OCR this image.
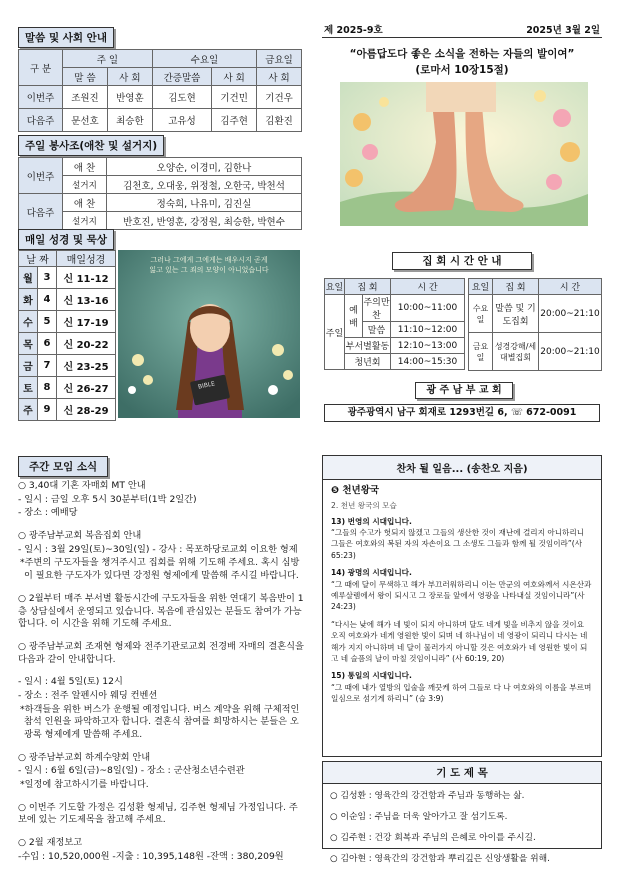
말씀 및 사회 안내
구 분	주 일		수요일		금요일
	말 씀	사 회	간증말씀	사 회	사 회
이번주	조원진	반영훈	김도현	기건민	기건우
다음주	문선호	최승한	고유성	김주현	김환진
주일 봉사조(애찬 및 설거지)
이번주	애 찬	오양순, 이경미, 김한나
	설거지	김천호, 오대웅, 위정철, 오한국, 박천석
다음주	애 찬	정숙희, 나유미, 김진실
	설거지	반호진, 반영훈, 강정원, 최승한, 박현수
매일 성경 및 묵상
날 짜		매일성경
월	3	신 11-12
화	4	신 13-16
수	5	신 17-19
목	6	신 20-22
금	7	신 23-25
토	8	신 26-27
주	9	신 28-29
그러나 그에게 그에게는 배우시지 곧게
잃고 있는 그 죄의 모양이 아니었습니다
BIBLE
제 2025-9호	2025년 3월 2일
“아름답도다 좋은 소식을 전하는 자들의 발이여”
(로마서 10장15절)
집 회 시 간 안 내
요일	집 회		시 간
주일	예배	주의만찬	10:00~11:00
		말씀	11:10~12:00
	부서별활동		12:10~13:00
	청년회		14:00~15:30
요일	집 회	시 간
수요일	말씀 및 기도집회	20:00~21:10
금요일	성경강해/세대별집회	20:00~21:10
광 주 남 부 교 회
광주광역시 남구 회재로 1293번길 6, ☏ 672-0091
주간 모임 소식

○ 3,40대 기혼 자매회 MT 안내

- 일시 : 금일 오후 5시 30분부터(1박 2일간)

- 장소 : 예배당

○ 광주남부교회 복음집회 안내

- 일시 : 3월 29일(토)~30일(일) - 강사 : 목포하당로교회 이요한 형제

*주변의 구도자들을 챙겨주시고 집회를 위해 기도해 주세요. 혹시 심방이 필요한 구도자가 있다면 강정원 형제에게 말씀해 주시길 바랍니다.

○ 2월부터 매주 부서별 활동시간에 구도자들을 위한 연대기 복음반이 1층 상담실에서 운영되고 있습니다. 복음에 관심있는 분들도 참여가 가능합니다. 이 시간을 위해 기도해 주세요.

○ 광주남부교회 조재현 형제와 전주기관로교회 전경배 자매의 결혼식을 다음과 같이 안내합니다.

- 일시 : 4월 5일(토) 12시

- 장소 : 전주 알펜시아 웨딩 컨벤션

*하객들을 위한 버스가 운행될 예정입니다. 버스 계약을 위해 구체적인 참석 인원을 파악하고자 합니다. 결혼식 참여를 희망하시는 분들은 오광록 형제에게 말씀해 주세요.

○ 광주남부교회 하계수양회 안내

- 일시 : 6월 6일(금)~8일(일) - 장소 : 군산청소년수련관

*일정에 참고하시기를 바랍니다.

○ 이번주 기도할 가정은 김성환 형제님, 김주현 형제님 가정입니다. 주보에 있는 기도제목을 참고해 주세요.

○ 2월 재정보고

-수입 : 10,520,000원 -지출 : 10,395,148원 -잔액 : 380,209원

찬차 될 일음... (송찬오 지음)
❺ 천년왕국
2. 천년 왕국의 모습
13) 번영의 시대입니다.
“그들의 수고가 헛되지 않겠고 그들의 생산한 것이 재난에 걸리지 아니하리니 그들은 여호와의 복된 자의 자손이요 그 소생도 그들과 함께 될 것임이라”(사 65:23)
14) 광명의 시대입니다.
“그 때에 달이 무색하고 해가 부끄러워하리니 이는 만군의 여호와께서 시온산과 예루살렘에서 왕이 되시고 그 장로들 앞에서 영광을 나타내실 것임이니라”(사 24:23)
“다시는 낮에 해가 네 빛이 되지 아니하며 달도 네게 빛을 비추지 않을 것이요 오직 여호와가 네게 영원한 빛이 되며 네 하나님이 네 영광이 되리니 다시는 네 해가 지지 아니하며 네 달이 물러가지 아니할 것은 여호와가 네 영원한 빛이 되고 네 슬픔의 날이 마칠 것임이니라” (사 60:19, 20)
15) 통일의 시대입니다.
“그 때에 내가 열방의 입술을 깨끗케 하여 그들로 다 나 여호와의 이름을 부르며 일심으로 섬기게 하리니” (습 3:9)
기 도 제 목
○ 김성환 : 영육간의 강건함과 주님과 동행하는 삶.
○ 이순임 : 주님을 더욱 알아가고 잘 섬기도록.
○ 김주현 : 건강 회복과 주님의 은혜로 아이를 주시길.
○ 김아현 : 영육간의 강건함과 뿌리깊은 신앙생활을 위해.
